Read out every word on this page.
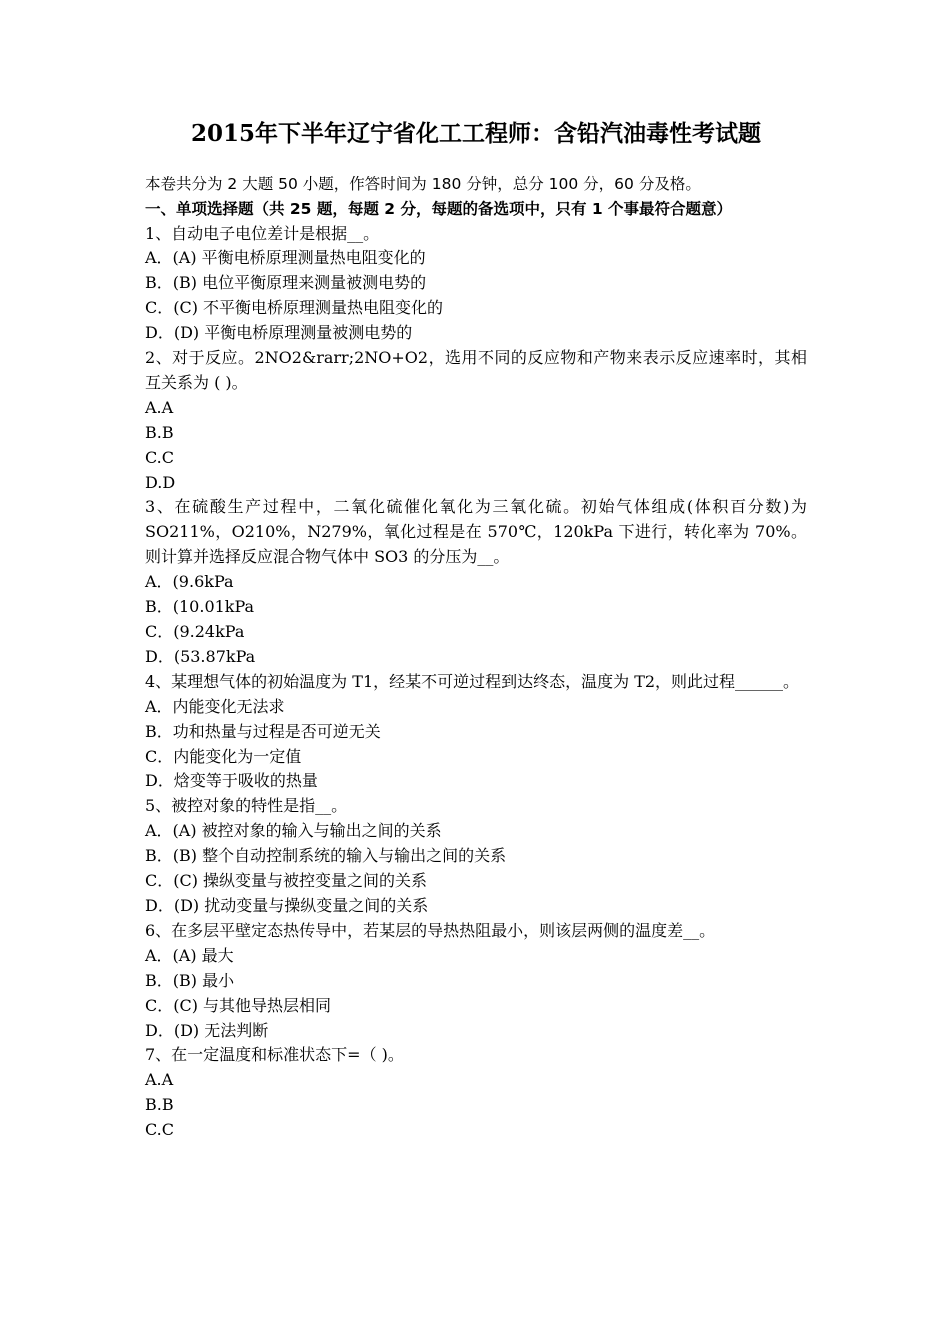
2015年下半年辽宁省化工工程师：含铅汽油毒性考试题
本卷共分为 2 大题 50 小题，作答时间为 180 分钟，总分 100 分，60 分及格。
一、单项选择题（共 25 题，每题 2 分，每题的备选项中，只有 1 个事最符合题意）
1、自动电子电位差计是根据__。
A．(A) 平衡电桥原理测量热电阻变化的
B．(B) 电位平衡原理来测量被测电势的
C．(C) 不平衡电桥原理测量热电阻变化的
D．(D) 平衡电桥原理测量被测电势的
2、对于反应。2NO2&rarr;2NO+O2，选用不同的反应物和产物来表示反应速率时，其相互关系为 ( )。
A.A
B.B
C.C
D.D
3、在硫酸生产过程中，二氧化硫催化氧化为三氧化硫。初始气体组成(体积百分数)为 SO211%，O210%，N279%，氧化过程是在 570℃，120kPa 下进行，转化率为 70%。则计算并选择反应混合物气体中 SO3 的分压为__。
A．(9.6kPa
B．(10.01kPa
C．(9.24kPa
D．(53.87kPa
4、某理想气体的初始温度为 T1，经某不可逆过程到达终态，温度为 T2，则此过程______。
A．内能变化无法求
B．功和热量与过程是否可逆无关
C．内能变化为一定值
D．焓变等于吸收的热量
5、被控对象的特性是指__。
A．(A) 被控对象的输入与输出之间的关系
B．(B) 整个自动控制系统的输入与输出之间的关系
C．(C) 操纵变量与被控变量之间的关系
D．(D) 扰动变量与操纵变量之间的关系
6、在多层平壁定态热传导中，若某层的导热热阻最小，则该层两侧的温度差__。
A．(A) 最大
B．(B) 最小
C．(C) 与其他导热层相同
D．(D) 无法判断
7、在一定温度和标准状态下=（ )。
A.A
B.B
C.C
